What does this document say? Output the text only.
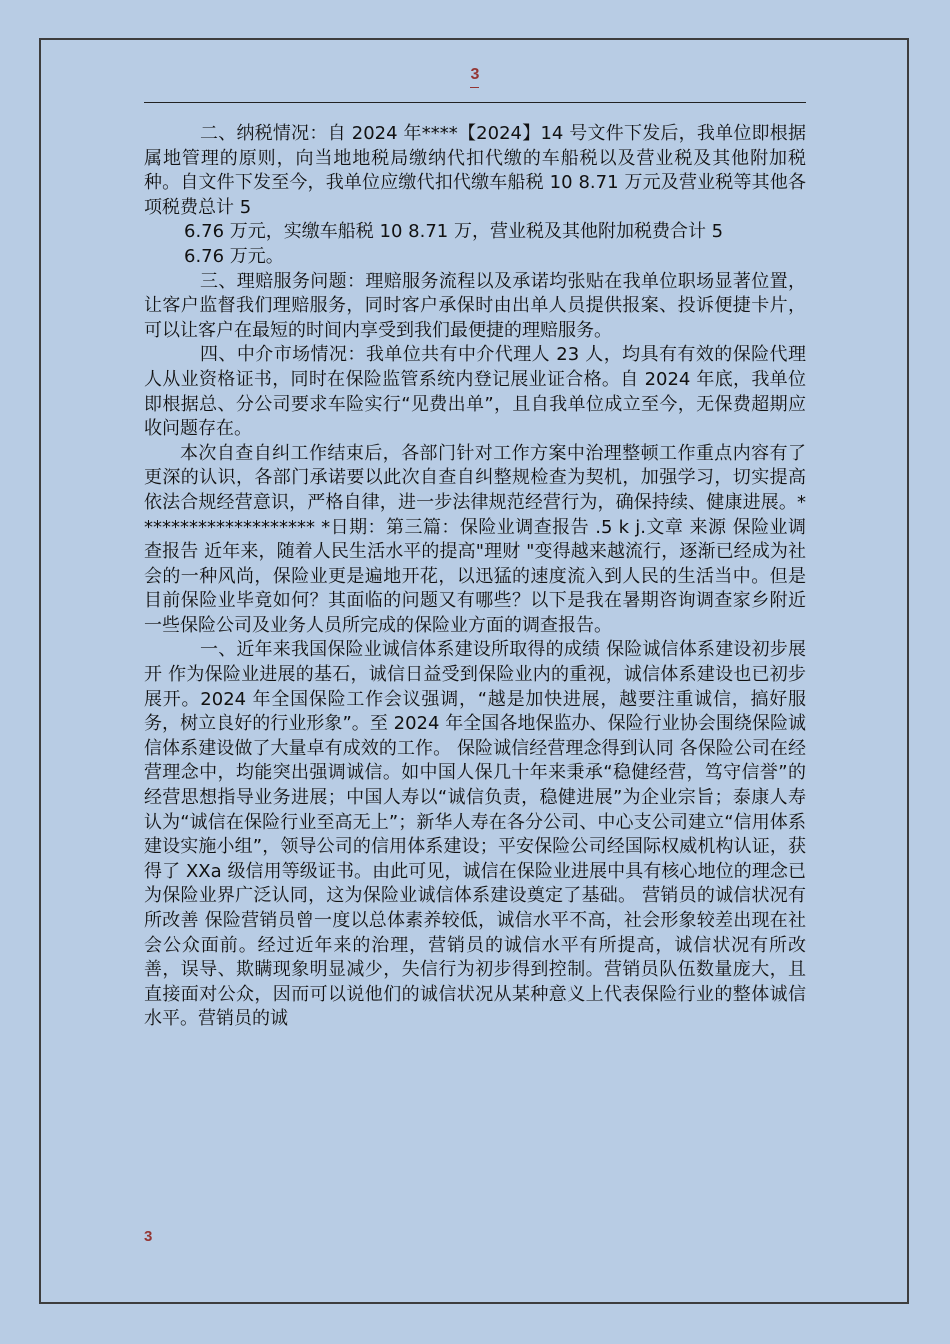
3

二、纳税情况：自 2024 年****【2024】14 号文件下发后，我单位即根据属地管理的原则，向当地地税局缴纳代扣代缴的车船税以及营业税及其他附加税种。自文件下发至今，我单位应缴代扣代缴车船税 10 8.71 万元及营业税等其他各项税费总计 5

6.76 万元，实缴车船税 10 8.71 万，营业税及其他附加税费合计 5

6.76 万元。

三、理赔服务问题：理赔服务流程以及承诺均张贴在我单位职场显著位置，让客户监督我们理赔服务，同时客户承保时由出单人员提供报案、投诉便捷卡片，可以让客户在最短的时间内享受到我们最便捷的理赔服务。

四、中介市场情况：我单位共有中介代理人 23 人，均具有有效的保险代理人从业资格证书，同时在保险监管系统内登记展业证合格。自 2024 年底，我单位即根据总、分公司要求车险实行“见费出单”，且自我单位成立至今，无保费超期应收问题存在。

本次自查自纠工作结束后，各部门针对工作方案中治理整顿工作重点内容有了更深的认识，各部门承诺要以此次自查自纠整规检查为契机，加强学习，切实提高依法合规经营意识，严格自律，进一步法律规范经营行为，确保持续、健康进展。******************** *日期：第三篇：保险业调查报告 .5 k j.文章 来源 保险业调查报告 近年来，随着人民生活水平的提高"理财 "变得越来越流行，逐渐已经成为社会的一种风尚，保险业更是遍地开花，以迅猛的速度流入到人民的生活当中。但是目前保险业毕竟如何？其面临的问题又有哪些？以下是我在暑期咨询调查家乡附近一些保险公司及业务人员所完成的保险业方面的调查报告。

一、近年来我国保险业诚信体系建设所取得的成绩 保险诚信体系建设初步展开 作为保险业进展的基石，诚信日益受到保险业内的重视，诚信体系建设也已初步展开。2024 年全国保险工作会议强调，“越是加快进展，越要注重诚信，搞好服务，树立良好的行业形象”。至 2024 年全国各地保监办、保险行业协会围绕保险诚信体系建设做了大量卓有成效的工作。 保险诚信经营理念得到认同 各保险公司在经营理念中，均能突出强调诚信。如中国人保几十年来秉承“稳健经营，笃守信誉”的经营思想指导业务进展；中国人寿以“诚信负责，稳健进展”为企业宗旨；泰康人寿认为“诚信在保险行业至高无上”；新华人寿在各分公司、中心支公司建立“信用体系建设实施小组”，领导公司的信用体系建设；平安保险公司经国际权威机构认证，获得了 XXa 级信用等级证书。由此可见，诚信在保险业进展中具有核心地位的理念已为保险业界广泛认同，这为保险业诚信体系建设奠定了基础。 营销员的诚信状况有所改善 保险营销员曾一度以总体素养较低，诚信水平不高，社会形象较差出现在社会公众面前。经过近年来的治理，营销员的诚信水平有所提高，诚信状况有所改善，误导、欺瞒现象明显减少，失信行为初步得到控制。营销员队伍数量庞大，且直接面对公众，因而可以说他们的诚信状况从某种意义上代表保险行业的整体诚信水平。营销员的诚

3
